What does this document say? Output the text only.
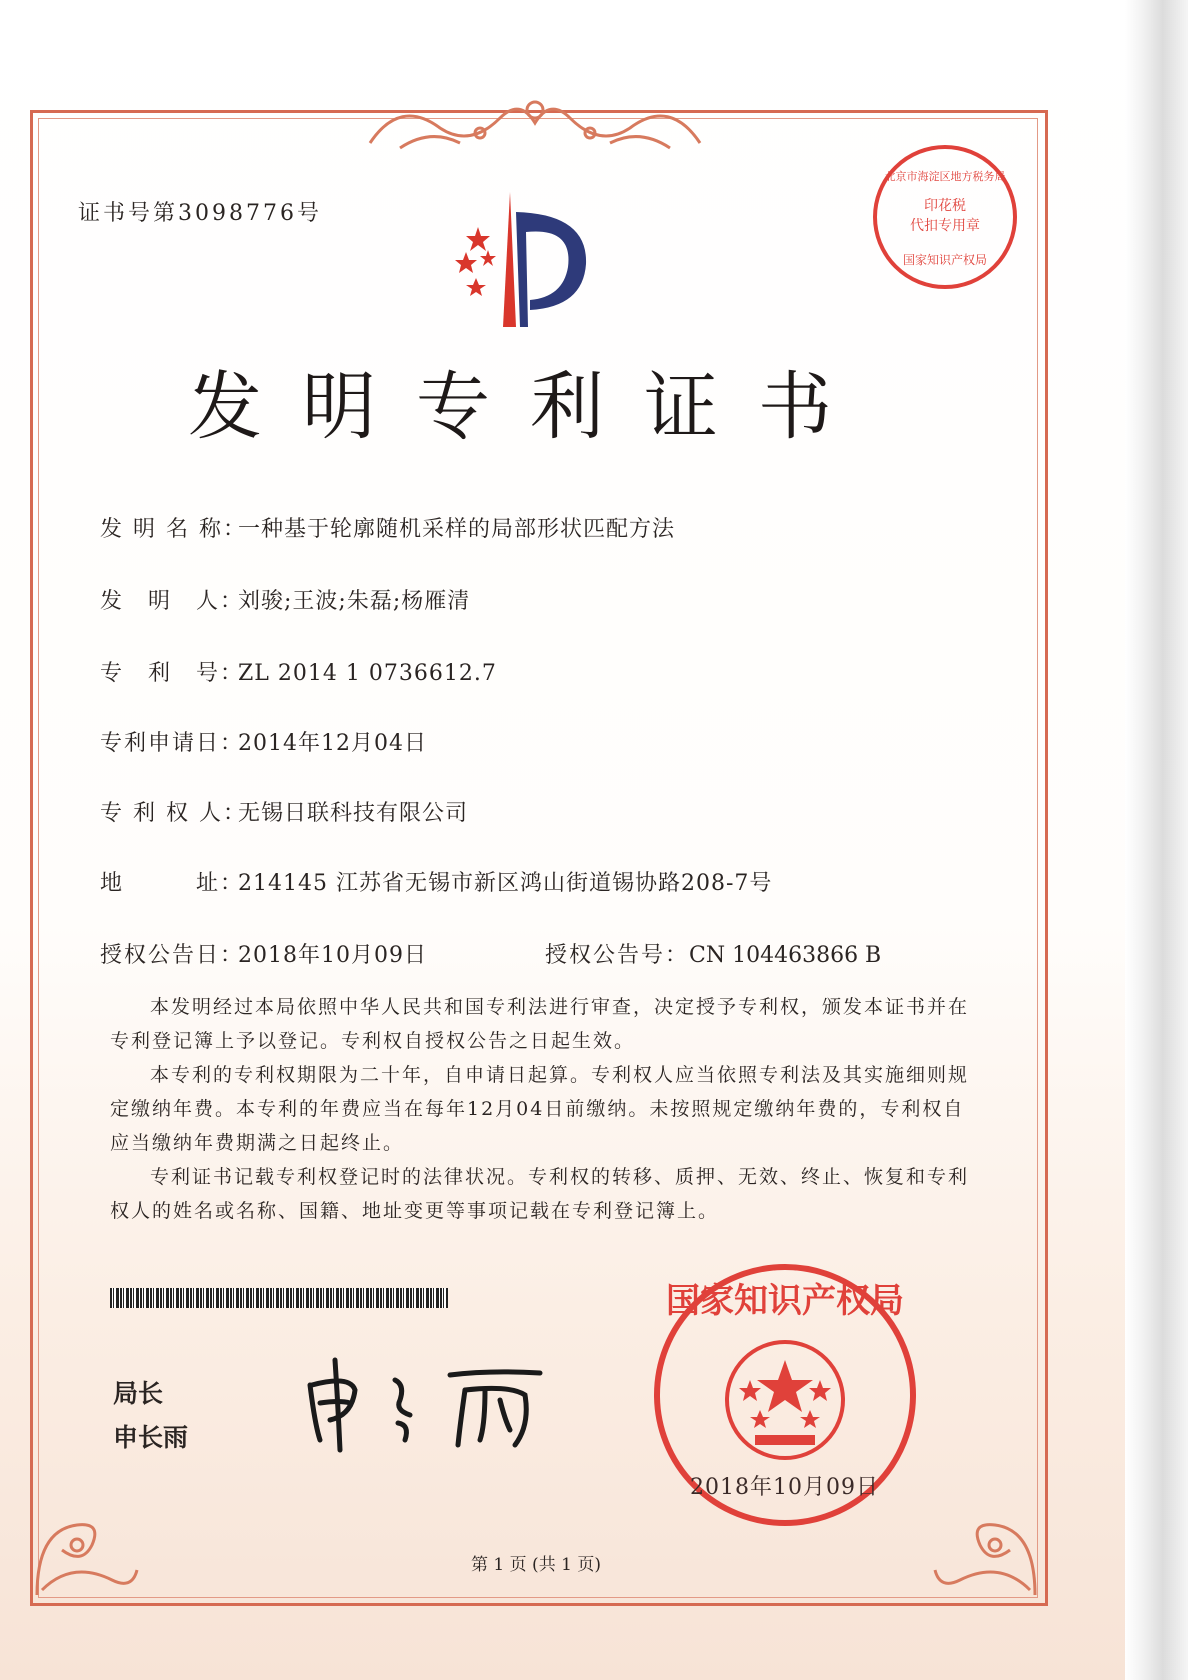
证书号第3098776号
北京市海淀区地方税务局
印花税
代扣专用章
国家知识产权局
发明专利证书
发 明 名 称：一种基于轮廓随机采样的局部形状匹配方法
发　明　人：刘骏;王波;朱磊;杨雁清
专　利　号：ZL 2014 1 0736612.7
专利申请日：2014年12月04日
专 利 权 人：无锡日联科技有限公司
地　　　址：214145 江苏省无锡市新区鸿山街道锡协路208-7号
授权公告日：2018年10月09日	授权公告号：CN 104463866 B

本发明经过本局依照中华人民共和国专利法进行审查，决定授予专利权，颁发本证书并在专利登记簿上予以登记。专利权自授权公告之日起生效。

本专利的专利权期限为二十年，自申请日起算。专利权人应当依照专利法及其实施细则规定缴纳年费。本专利的年费应当在每年12月04日前缴纳。未按照规定缴纳年费的，专利权自应当缴纳年费期满之日起终止。

专利证书记载专利权登记时的法律状况。专利权的转移、质押、无效、终止、恢复和专利权人的姓名或名称、国籍、地址变更等事项记载在专利登记簿上。

局长
申长雨
国家知识产权局
2018年10月09日
第 1 页 (共 1 页)
